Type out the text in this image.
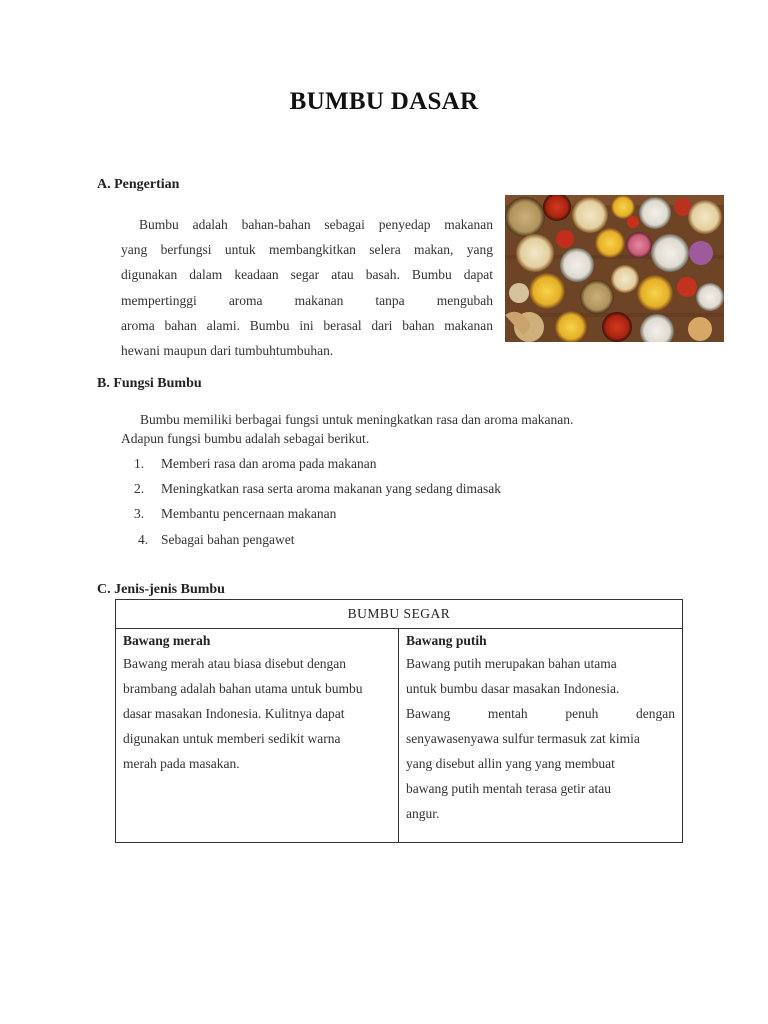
BUMBU DASAR
A. Pengertian
Bumbu adalah bahan-bahan sebagai penyedap makanan
yang berfungsi untuk membangkitkan selera makan, yang
digunakan dalam keadaan segar atau basah. Bumbu dapat
mempertinggi aroma makanan tanpa mengubah
aroma bahan alami. Bumbu ini berasal dari bahan makanan
hewani maupun dari tumbuhtumbuhan.
B. Fungsi Bumbu
Bumbu memiliki berbagai fungsi untuk meningkatkan rasa dan aroma makanan.
Adapun fungsi bumbu adalah sebagai berikut.
1. Memberi rasa dan aroma pada makanan
2. Meningkatkan rasa serta aroma makanan yang sedang dimasak
3. Membantu pencernaan makanan
4. Sebagai bahan pengawet
C. Jenis-jenis Bumbu
BUMBU SEGAR

Bawang merah
Bawang merah atau biasa disebut dengan
brambang adalah bahan utama untuk bumbu
dasar masakan Indonesia. Kulitnya dapat
digunakan untuk memberi sedikit warna
merah pada masakan.

Bawang putih
Bawang putih merupakan bahan utama
untuk bumbu dasar masakan Indonesia.
Bawang mentah penuh dengan
senyawasenyawa sulfur termasuk zat kimia
yang disebut allin yang yang membuat
bawang putih mentah terasa getir atau
angur.
